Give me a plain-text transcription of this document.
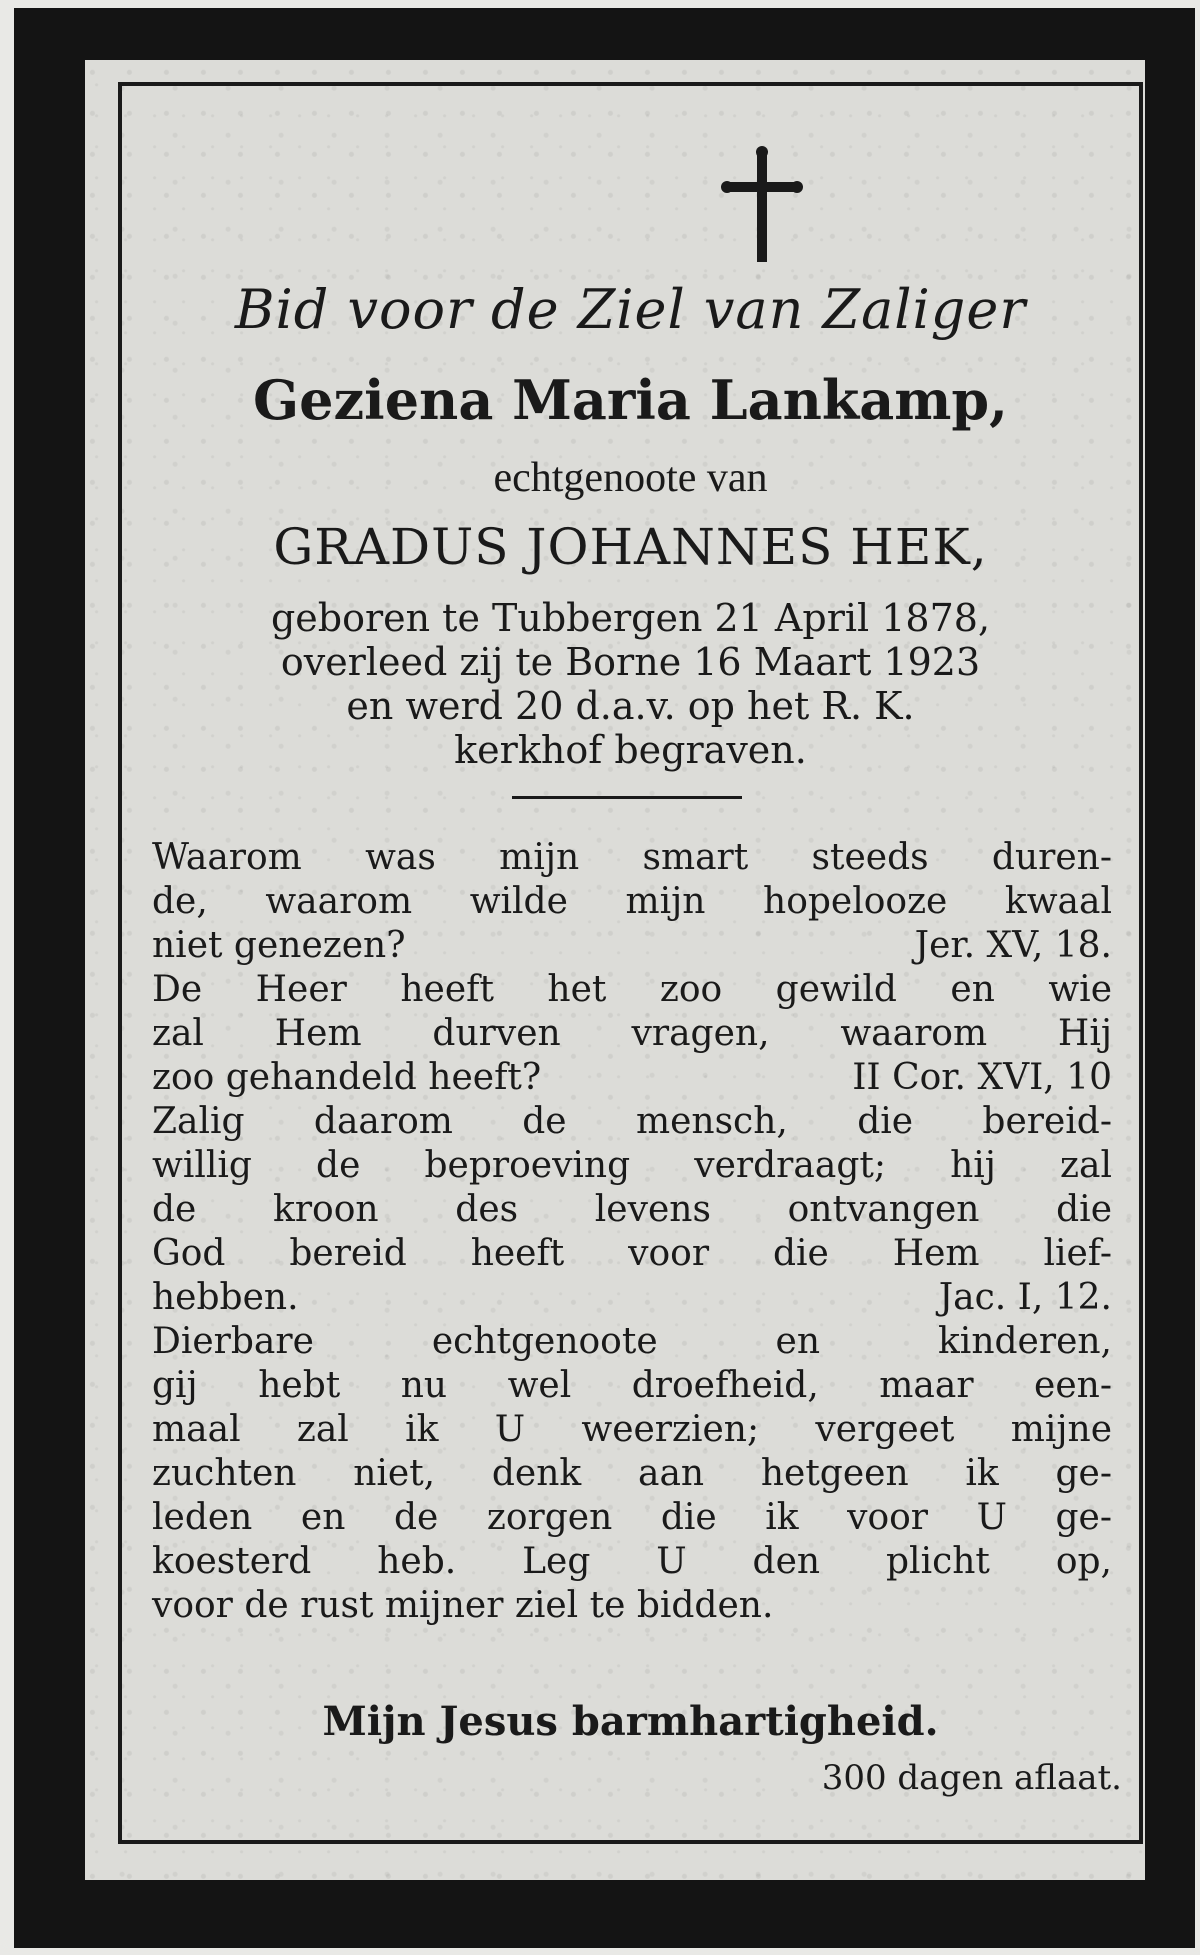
Bid voor de Ziel van Zaliger
Geziena Maria Lankamp,
echtgenoote van
GRADUS JOHANNES HEK,
geboren te Tubbergen 21 April 1878,
overleed zij te Borne 16 Maart 1923
en werd 20 d.a.v. op het R. K.
kerkhof begraven.
Waarom was mijn smart steeds duren-
de, waarom wilde mijn hopelooze kwaal
niet genezen?	Jer. XV, 18.
De Heer heeft het zoo gewild en wie
zal Hem durven vragen, waarom Hij
zoo gehandeld heeft?	II Cor. XVI, 10
Zalig daarom de mensch, die bereid-
willig de beproeving verdraagt; hij zal
de kroon des levens ontvangen die
God bereid heeft voor die Hem lief-
hebben.	Jac. I, 12.
Dierbare echtgenoote en kinderen,
gij hebt nu wel droefheid, maar een-
maal zal ik U weerzien; vergeet mijne
zuchten niet, denk aan hetgeen ik ge-
leden en de zorgen die ik voor U ge-
koesterd heb. Leg U den plicht op,
voor de rust mijner ziel te bidden.
Mijn Jesus barmhartigheid.
300 dagen aflaat.
